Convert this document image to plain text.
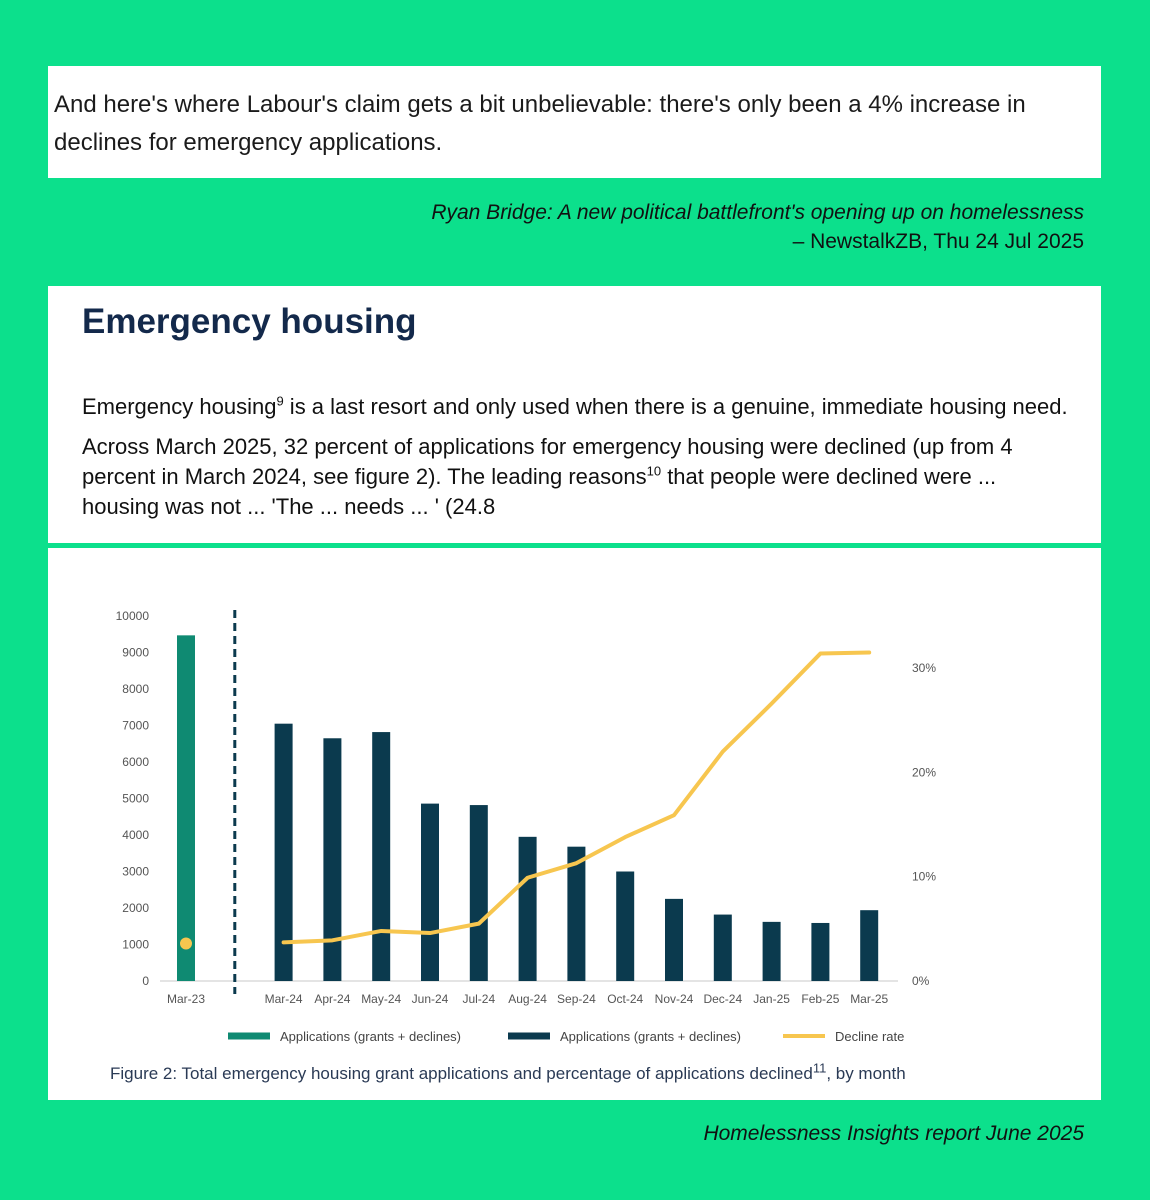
And here's where Labour's claim gets a bit unbelievable: there's only been a 4% increase in declines for emergency applications.
Ryan Bridge: A new political battlefront's opening up on homelessness
– NewstalkZB, Thu 24 Jul 2025
Emergency housing

Emergency housing$^9$ is a last resort and only used when there is a genuine, immediate housing need.

Across March 2025, 32 percent of applications for emergency housing were declined (up from 4 percent in March 2024, see figure 2). The leading reasons$^{10}$ that people were declined were ... housing was not ... 'The ... needs ... ' (24.8

0
1000
2000
3000
4000
5000
6000
7000
8000
9000
10000
0%
10%
20%
30%
Mar-23	Mar-24 Apr-24 May-24 Jun-24 Jul-24 Aug-24 Sep-24 Oct-24 Nov-24 Dec-24 Jan-25 Feb-25 Mar-25
Applications (grants + declines)	Applications (grants + declines)	Decline rate
Figure 2: Total emergency housing grant applications and percentage of applications declined$^{11}$, by month
Homelessness Insights report June 2025
